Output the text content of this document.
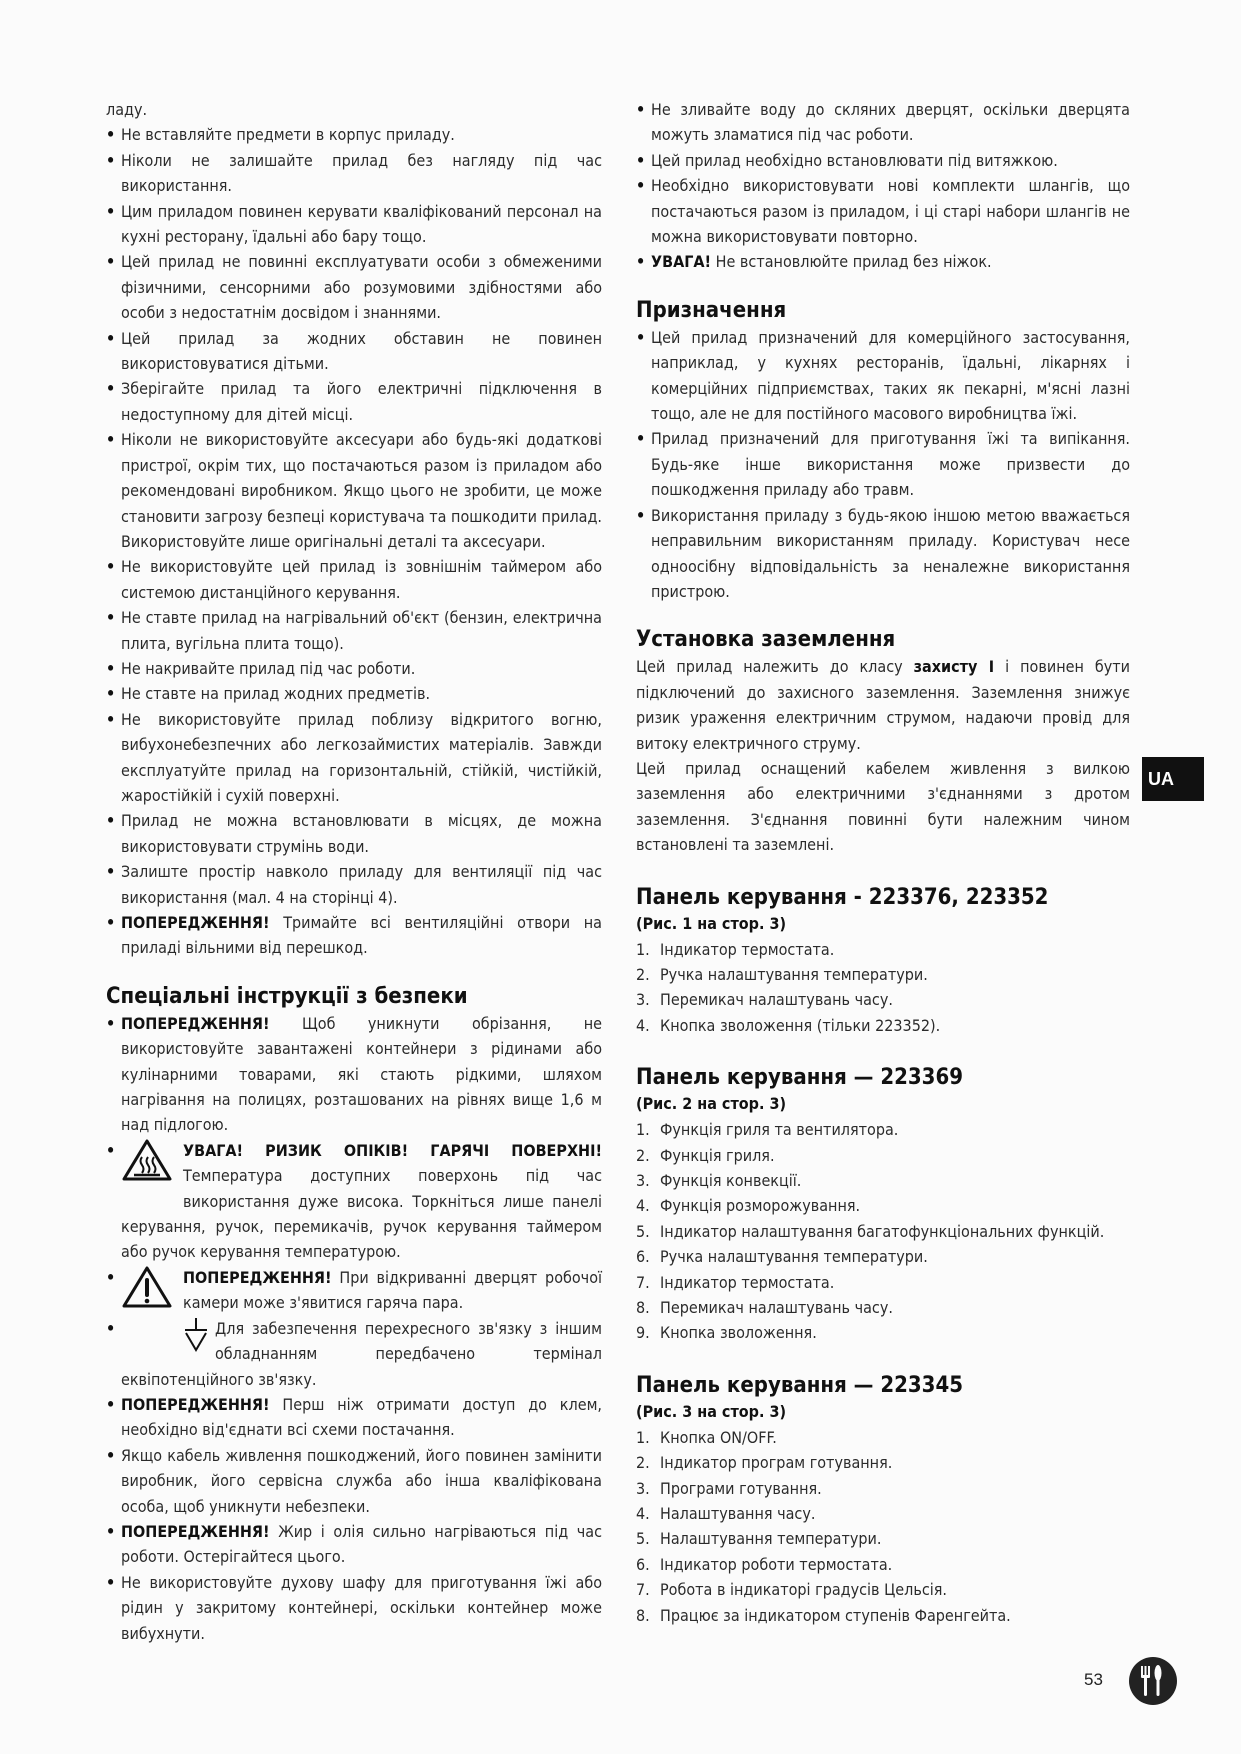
ладу.

• Не вставляйте предмети в корпус приладу.

• Ніколи не залишайте прилад без нагляду під час використання.

• Цим приладом повинен керувати кваліфікований персонал на кухні ресторану, їдальні або бару тощо.

• Цей прилад не повинні експлуатувати особи з обмеженими фізичними, сенсорними або розумовими здібностями або особи з недостатнім досвідом і знаннями.

• Цей прилад за жодних обставин не повинен використовуватися дітьми.

• Зберігайте прилад та його електричні підключення в недоступному для дітей місці.

• Ніколи не використовуйте аксесуари або будь-які додаткові пристрої, окрім тих, що постачаються разом із приладом або рекомендовані виробником. Якщо цього не зробити, це може становити загрозу безпеці користувача та пошкодити прилад. Використовуйте лише оригінальні деталі та аксесуари.

• Не використовуйте цей прилад із зовнішнім таймером або системою дистанційного керування.

• Не ставте прилад на нагрівальний об'єкт (бензин, електрична плита, вугільна плита тощо).

• Не накривайте прилад під час роботи.

• Не ставте на прилад жодних предметів.

• Не використовуйте прилад поблизу відкритого вогню, вибухонебезпечних або легкозаймистих матеріалів. Завжди експлуатуйте прилад на горизонтальній, стійкій, чистійкій, жаростійкій і сухій поверхні.

• Прилад не можна встановлювати в місцях, де можна використовувати струмінь води.

• Залиште простір навколо приладу для вентиляції під час використання (мал. 4 на сторінці 4).

• ПОПЕРЕДЖЕННЯ! Тримайте всі вентиляційні отвори на приладі вільними від перешкод.

Спеціальні інструкції з безпеки

• ПОПЕРЕДЖЕННЯ! Щоб уникнути обрізання, не використовуйте завантажені контейнери з рідинами або кулінарними товарами, які стають рідкими, шляхом нагрівання на полицях, розташованих на рівнях вище 1,6 м над підлогою.

• УВАГА! РИЗИК ОПІКІВ! ГАРЯЧІ ПОВЕРХНІ! Температура доступних поверхонь під час використання дуже висока. Торкніться лише панелі керування, ручок, перемикачів, ручок керування таймером або ручок керування температурою.

• ПОПЕРЕДЖЕННЯ! При відкриванні дверцят робочої камери може з'явитися гаряча пара.

• Для забезпечення перехресного зв'язку з іншим обладнанням передбачено термінал еквіпотенційного зв'язку.

• ПОПЕРЕДЖЕННЯ! Перш ніж отримати доступ до клем, необхідно від'єднати всі схеми постачання.

• Якщо кабель живлення пошкоджений, його повинен замінити виробник, його сервісна служба або інша кваліфікована особа, щоб уникнути небезпеки.

• ПОПЕРЕДЖЕННЯ! Жир і олія сильно нагріваються під час роботи. Остерігайтеся цього.

• Не використовуйте духову шафу для приготування їжі або рідин у закритому контейнері, оскільки контейнер може вибухнути.

• Не зливайте воду до скляних дверцят, оскільки дверцята можуть зламатися під час роботи.

• Цей прилад необхідно встановлювати під витяжкою.

• Необхідно використовувати нові комплекти шлангів, що постачаються разом із приладом, і ці старі набори шлангів не можна використовувати повторно.

• УВАГА! Не встановлюйте прилад без ніжок.

Призначення

• Цей прилад призначений для комерційного застосування, наприклад, у кухнях ресторанів, їдальні, лікарнях і комерційних підприємствах, таких як пекарні, м'ясні лазні тощо, але не для постійного масового виробництва їжі.

• Прилад призначений для приготування їжі та випікання. Будь-яке інше використання може призвести до пошкодження приладу або травм.

• Використання приладу з будь-якою іншою метою вважається неправильним використанням приладу. Користувач несе одноосібну відповідальність за неналежне використання пристрою.

Установка заземлення

Цей прилад належить до класу захисту I і повинен бути підключений до захисного заземлення. Заземлення знижує ризик ураження електричним струмом, надаючи провід для витоку електричного струму.

Цей прилад оснащений кабелем живлення з вилкою заземлення або електричними з'єднаннями з дротом заземлення. З'єднання повинні бути належним чином встановлені та заземлені.

Панель керування - 223376, 223352

(Рис. 1 на стор. 3)

1. Індикатор термостата.

2. Ручка налаштування температури.

3. Перемикач налаштувань часу.

4. Кнопка зволоження (тільки 223352).

Панель керування — 223369

(Рис. 2 на стор. 3)

1. Функція гриля та вентилятора.

2. Функція гриля.

3. Функція конвекції.

4. Функція розморожування.

5. Індикатор налаштування багатофункціональних функцій.

6. Ручка налаштування температури.

7. Індикатор термостата.

8. Перемикач налаштувань часу.

9. Кнопка зволоження.

Панель керування — 223345

(Рис. 3 на стор. 3)

1. Кнопка ON/OFF.

2. Індикатор програм готування.

3. Програми готування.

4. Налаштування часу.

5. Налаштування температури.

6. Індикатор роботи термостата.

7. Робота в індикаторі градусів Цельсія.

8. Працює за індикатором ступенів Фаренгейта.

UA
53
